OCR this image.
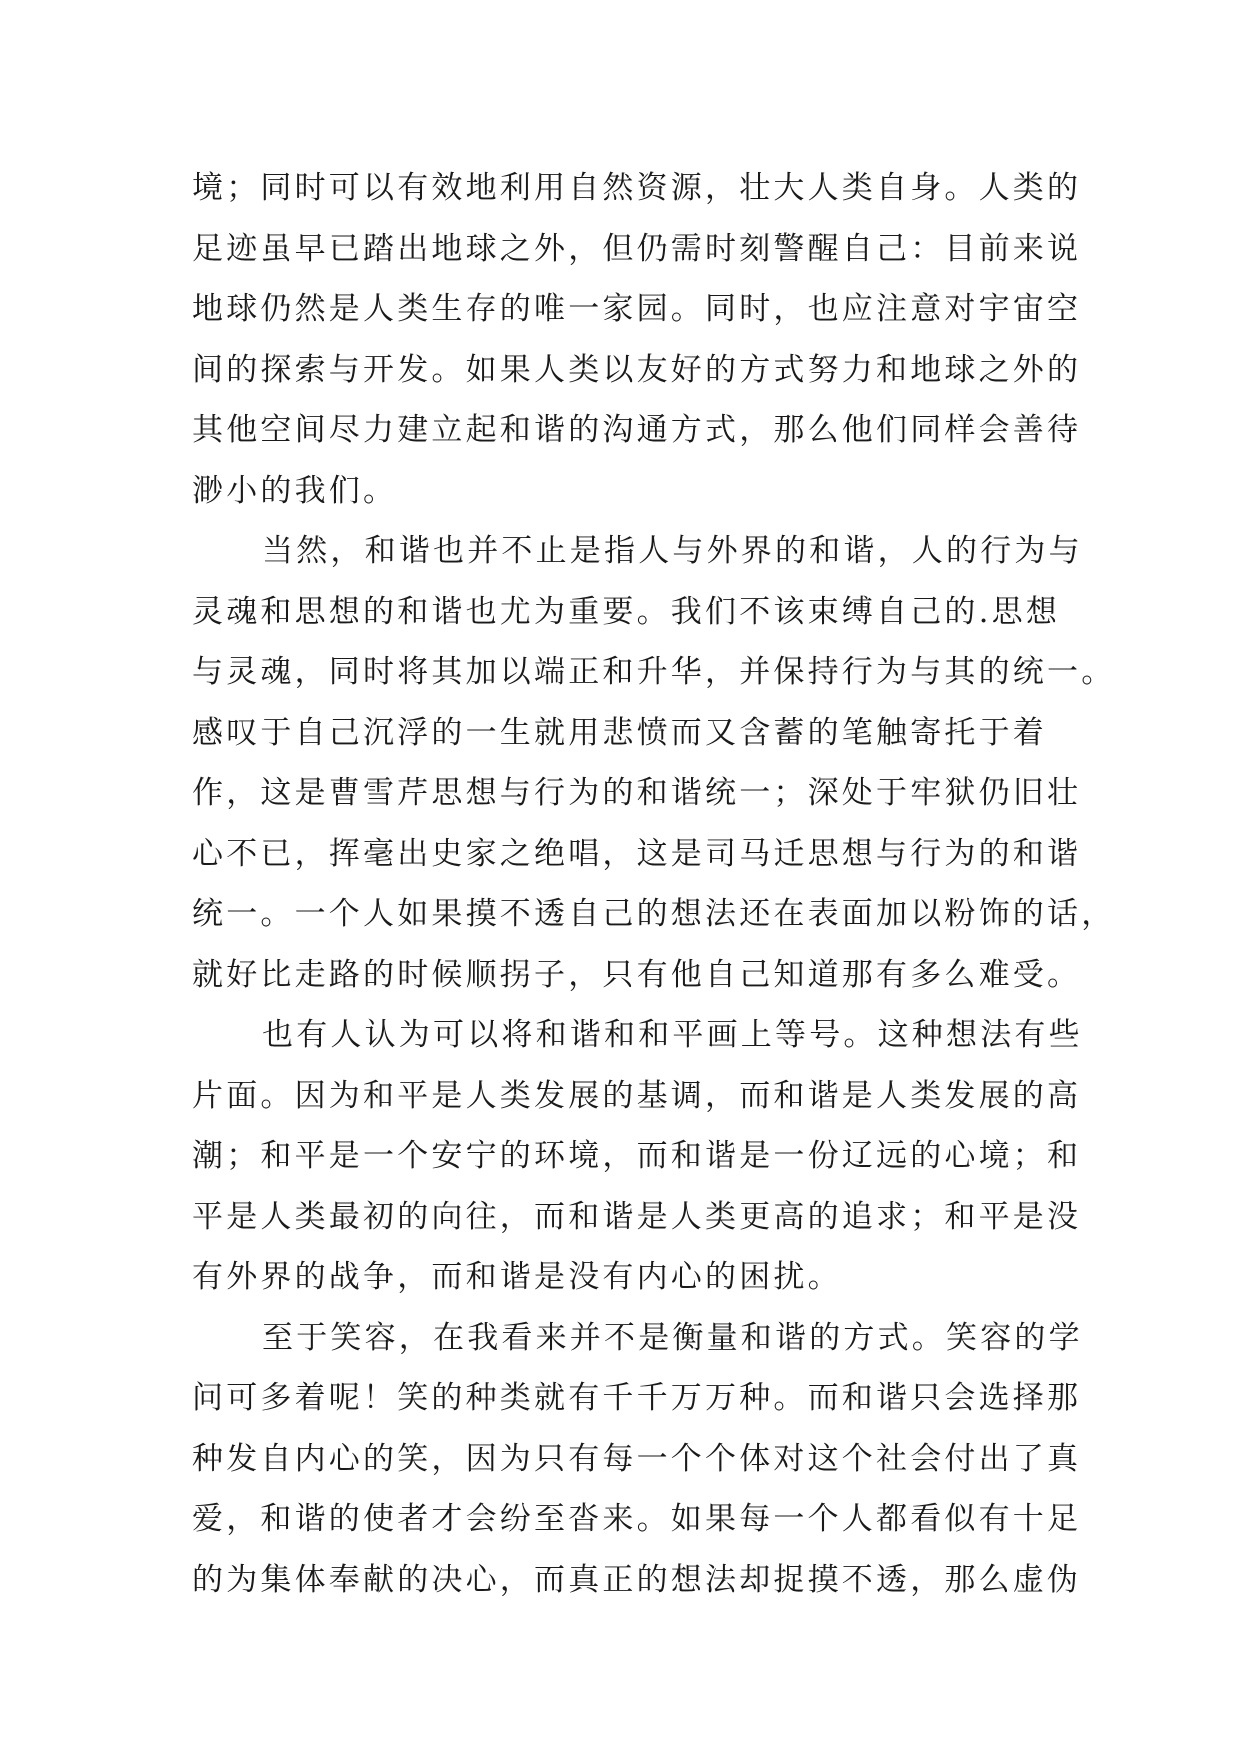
境；同时可以有效地利用自然资源，壮大人类自身。人类的
足迹虽早已踏出地球之外，但仍需时刻警醒自己：目前来说
地球仍然是人类生存的唯一家园。同时，也应注意对宇宙空
间的探索与开发。如果人类以友好的方式努力和地球之外的
其他空间尽力建立起和谐的沟通方式，那么他们同样会善待
渺小的我们。
当然，和谐也并不止是指人与外界的和谐，人的行为与
灵魂和思想的和谐也尤为重要。我们不该束缚自己的.思想
与灵魂，同时将其加以端正和升华，并保持行为与其的统一。
感叹于自己沉浮的一生就用悲愤而又含蓄的笔触寄托于着
作，这是曹雪芹思想与行为的和谐统一；深处于牢狱仍旧壮
心不已，挥毫出史家之绝唱，这是司马迁思想与行为的和谐
统一。一个人如果摸不透自己的想法还在表面加以粉饰的话，
就好比走路的时候顺拐子，只有他自己知道那有多么难受。
也有人认为可以将和谐和和平画上等号。这种想法有些
片面。因为和平是人类发展的基调，而和谐是人类发展的高
潮；和平是一个安宁的环境，而和谐是一份辽远的心境；和
平是人类最初的向往，而和谐是人类更高的追求；和平是没
有外界的战争，而和谐是没有内心的困扰。
至于笑容，在我看来并不是衡量和谐的方式。笑容的学
问可多着呢！笑的种类就有千千万万种。而和谐只会选择那
种发自内心的笑，因为只有每一个个体对这个社会付出了真
爱，和谐的使者才会纷至沓来。如果每一个人都看似有十足
的为集体奉献的决心，而真正的想法却捉摸不透，那么虚伪
